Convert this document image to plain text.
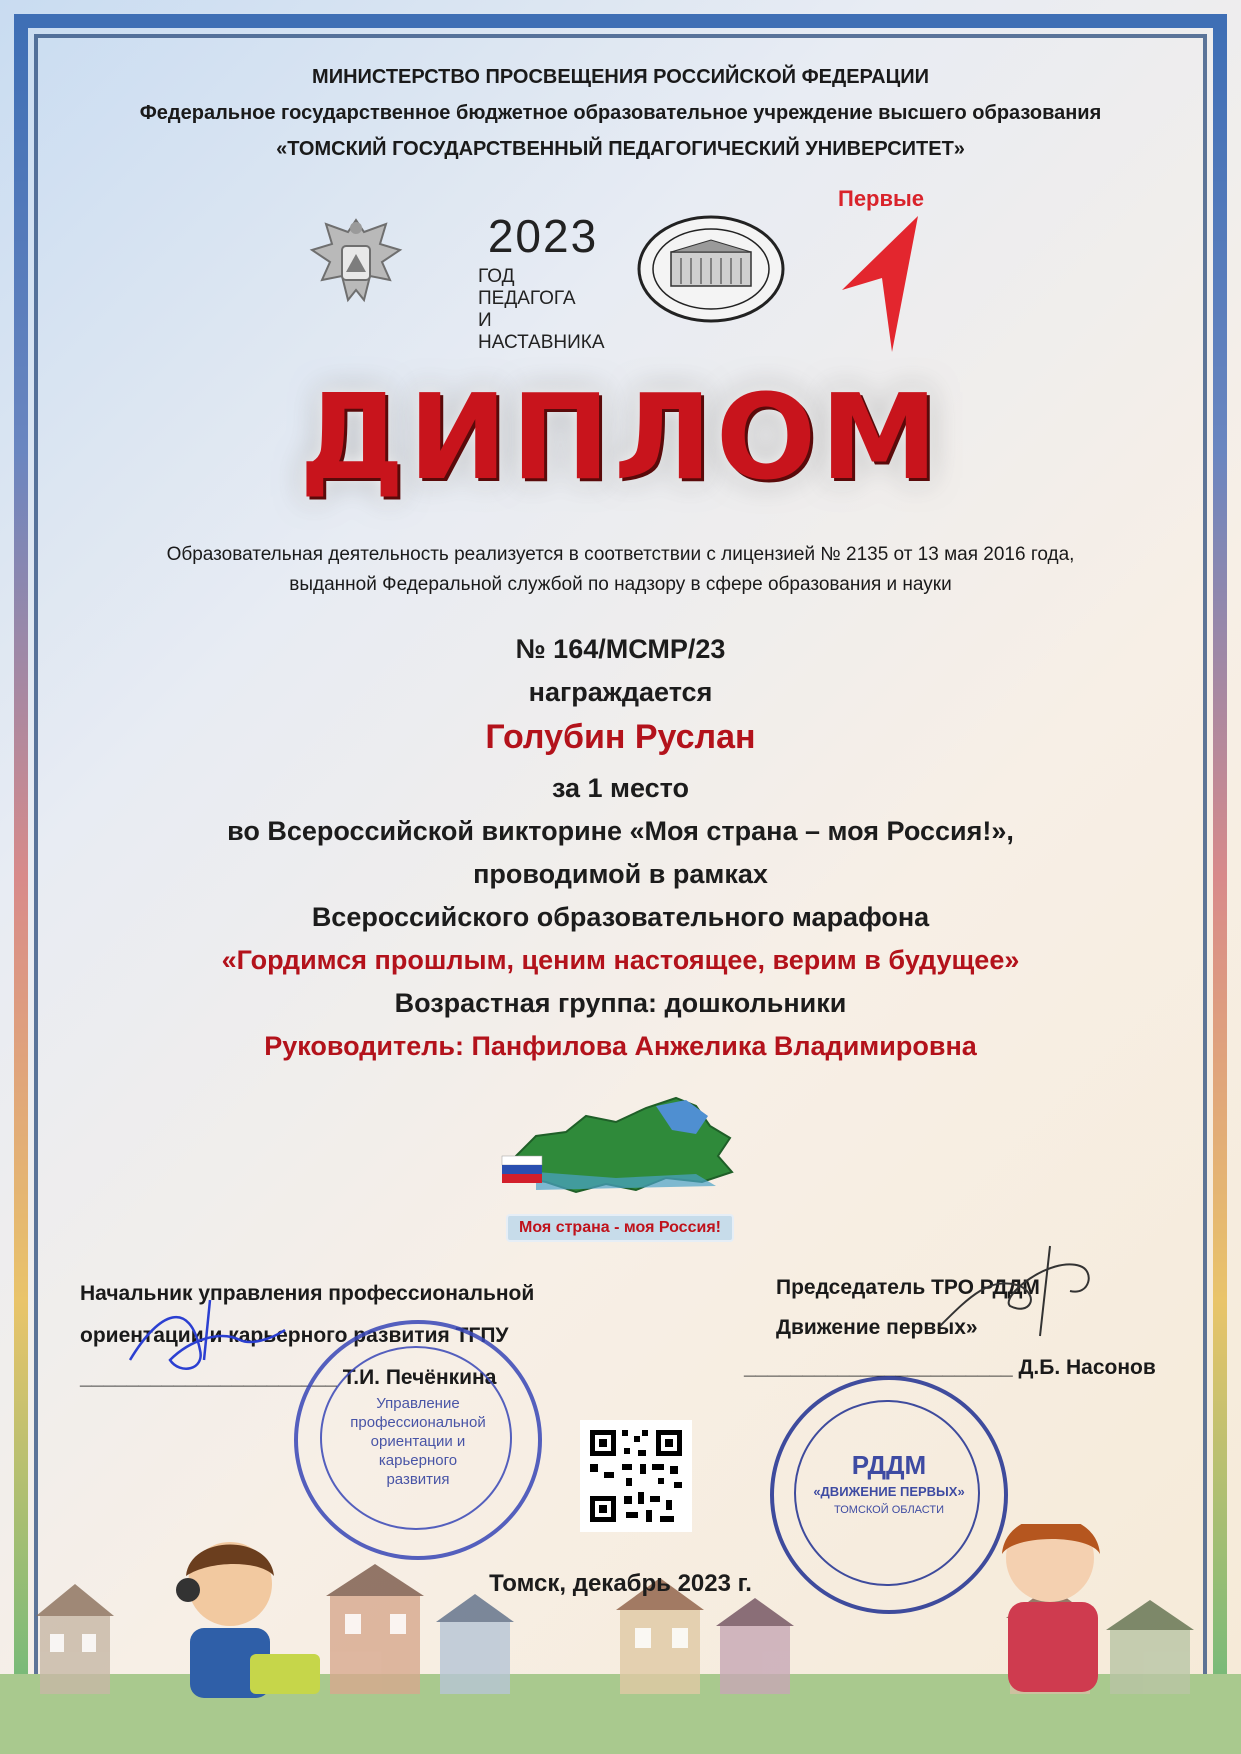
МИНИСТЕРСТВО ПРОСВЕЩЕНИЯ РОССИЙСКОЙ ФЕДЕРАЦИИ
Федеральное государственное бюджетное образовательное учреждение высшего образования
«ТОМСКИЙ ГОСУДАРСТВЕННЫЙ ПЕДАГОГИЧЕСКИЙ УНИВЕРСИТЕТ»
2023
ГОД ПЕДАГОГА
И НАСТАВНИКА
Первые
ДИПЛОМ
Образовательная деятельность реализуется в соответствии с лицензией № 2135 от 13 мая 2016 года,
выданной Федеральной службой по надзору в сфере образования и науки
№ 164/МСМР/23
награждается
Голубин Руслан
за 1 место
во Всероссийской викторине «Моя страна – моя Россия!»,
проводимой в рамках
Всероссийского образовательного марафона
«Гордимся прошлым, ценим настоящее, верим в будущее»
Возрастная группа: дошкольники
Руководитель: Панфилова Анжелика Владимировна
Моя страна - моя Россия!
Начальник управления профессиональной
ориентации и карьерного развития ТГПУ
______________________ Т.И. Печёнкина
Управление профессиональной ориентации и карьерного развития
Председатель ТРО РДДМ
Движение первых»
_______________________ Д.Б. Насонов
РДДМ
«ДВИЖЕНИЕ ПЕРВЫХ»
ТОМСКОЙ ОБЛАСТИ
Томск, декабрь 2023 г.
